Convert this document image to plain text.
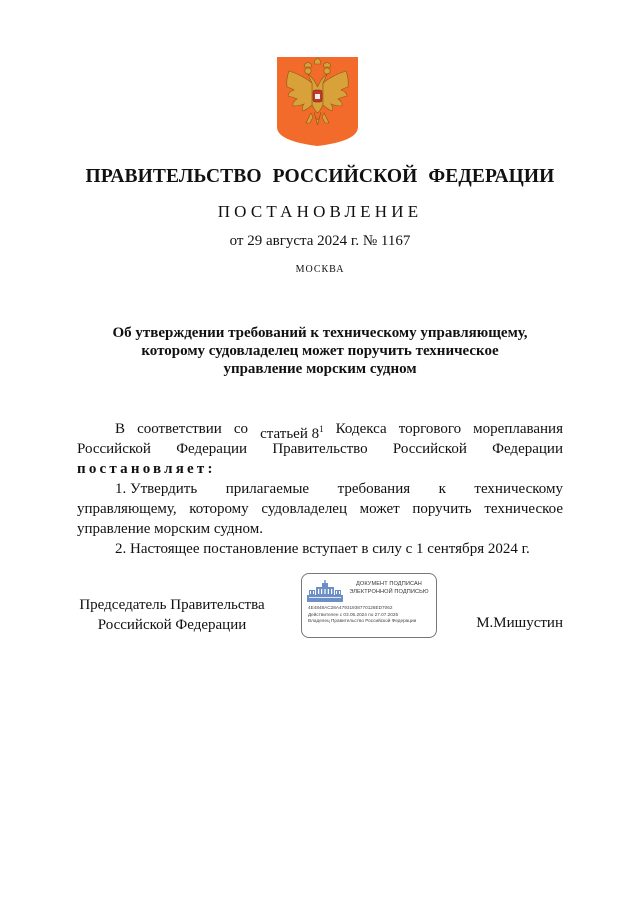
ПРАВИТЕЛЬСТВО РОССИЙСКОЙ ФЕДЕРАЦИИ
ПОСТАНОВЛЕНИЕ
от 29 августа 2024 г. № 1167
МОСКВА
Об утверждении требований к техническому управляющему,
которому судовладелец может поручить техническое
управление морским судном
В соответствии со статьей 81 Кодекса торгового мореплавания
Российской Федерации Правительство Российской Федерации
постановляет:
1. Утвердить прилагаемые требования к техническому
управляющему, которому судовладелец может поручить техническое
управление морским судном.
2. Настоящее постановление вступает в силу с 1 сентября 2024 г.
Председатель Правительства
Российской Федерации
ДОКУМЕНТ ПОДПИСАН
ЭЛЕКТРОННОЙ ПОДПИСЬЮ
4E4848AC28A47931938770128ED7062
Действителен с 03.05.2024 по 27.07.2025
Владелец Правительство Российской Федерации	М.Мишустин
